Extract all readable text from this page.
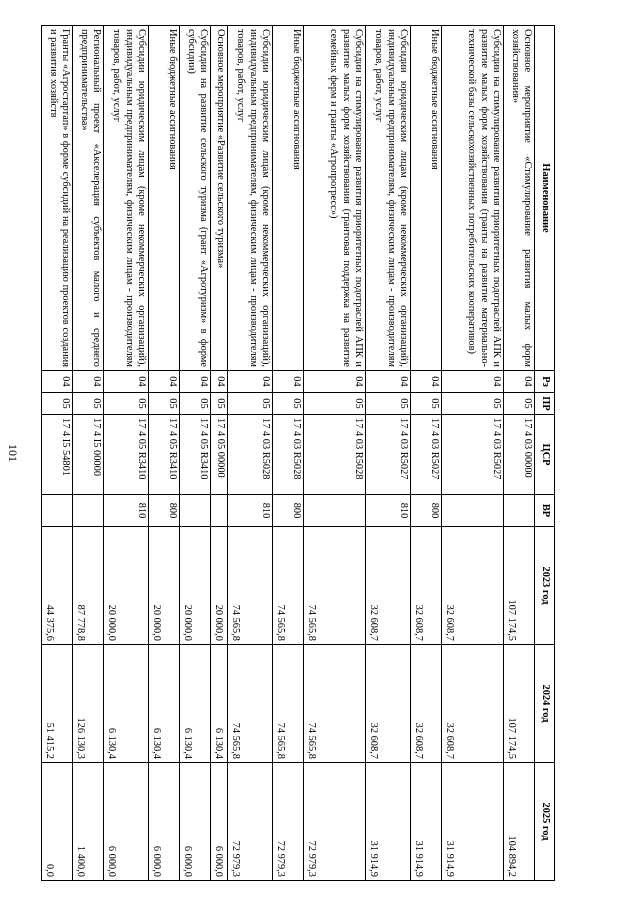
101
Наименование	Рз	ПР	ЦСР	ВР	2023 год	2024 год	2025 год
Основное мероприятие «Стимулирование развития малых форм хозяйствования»	04	05	17 4 03 00000		107 174,5	107 174,5	104 894,2
Субсидии на стимулирование развития приоритетных подотраслей АПК и развитие малых форм хозяйствования (гранты на развитие материально-технической базы сельскохозяйственных потребительских кооперативов)	04	05	17 4 03 R5027		32 608,7	32 608,7	31 914,9
Иные бюджетные ассигнования	04	05	17 4 03 R5027	800	32 608,7	32 608,7	31 914,9
Субсидии юридическим лицам (кроме некоммерческих организаций), индивидуальным предпринимателям, физическим лицам - производителям товаров, работ, услуг	04	05	17 4 03 R5027	810	32 608,7	32 608,7	31 914,9
Субсидии на стимулирование развития приоритетных подотраслей АПК и развитие малых форм хозяйствования (грантовая поддержка на развитие семейных ферм и гранты «Агропрогресс»)	04	05	17 4 03 R5028		74 565,8	74 565,8	72 979,3
Иные бюджетные ассигнования	04	05	17 4 03 R5028	800	74 565,8	74 565,8	72 979,3
Субсидии юридическим лицам (кроме некоммерческих организаций), индивидуальным предпринимателям, физическим лицам - производителям товаров, работ, услуг	04	05	17 4 03 R5028	810	74 565,8	74 565,8	72 979,3
Основное мероприятие «Развитие сельского туризма»	04	05	17 4 05 00000		20 000,0	6 130,4	6 000,0
Субсидии на развитие сельского туризма (грант «Агротуризм» в форме субсидии)	04	05	17 4 05 R3410		20 000,0	6 130,4	6 000,0
Иные бюджетные ассигнования	04	05	17 4 05 R3410	800	20 000,0	6 130,4	6 000,0
Субсидии юридическим лицам (кроме некоммерческих организаций), индивидуальным предпринимателям, физическим лицам - производителям товаров, работ, услуг	04	05	17 4 05 R3410	810	20 000,0	6 130,4	6 000,0
Региональный проект «Акселерация субъектов малого и среднего предпринимательства»	04	05	17 4 I5 00000		87 778,8	126 130,3	1 400,0
Гранты «Агростартап» в форме субсидий на реализацию проектов создания и развития хозяйств	04	05	17 4 I5 54801		44 375,6	51 415,2	0,0
